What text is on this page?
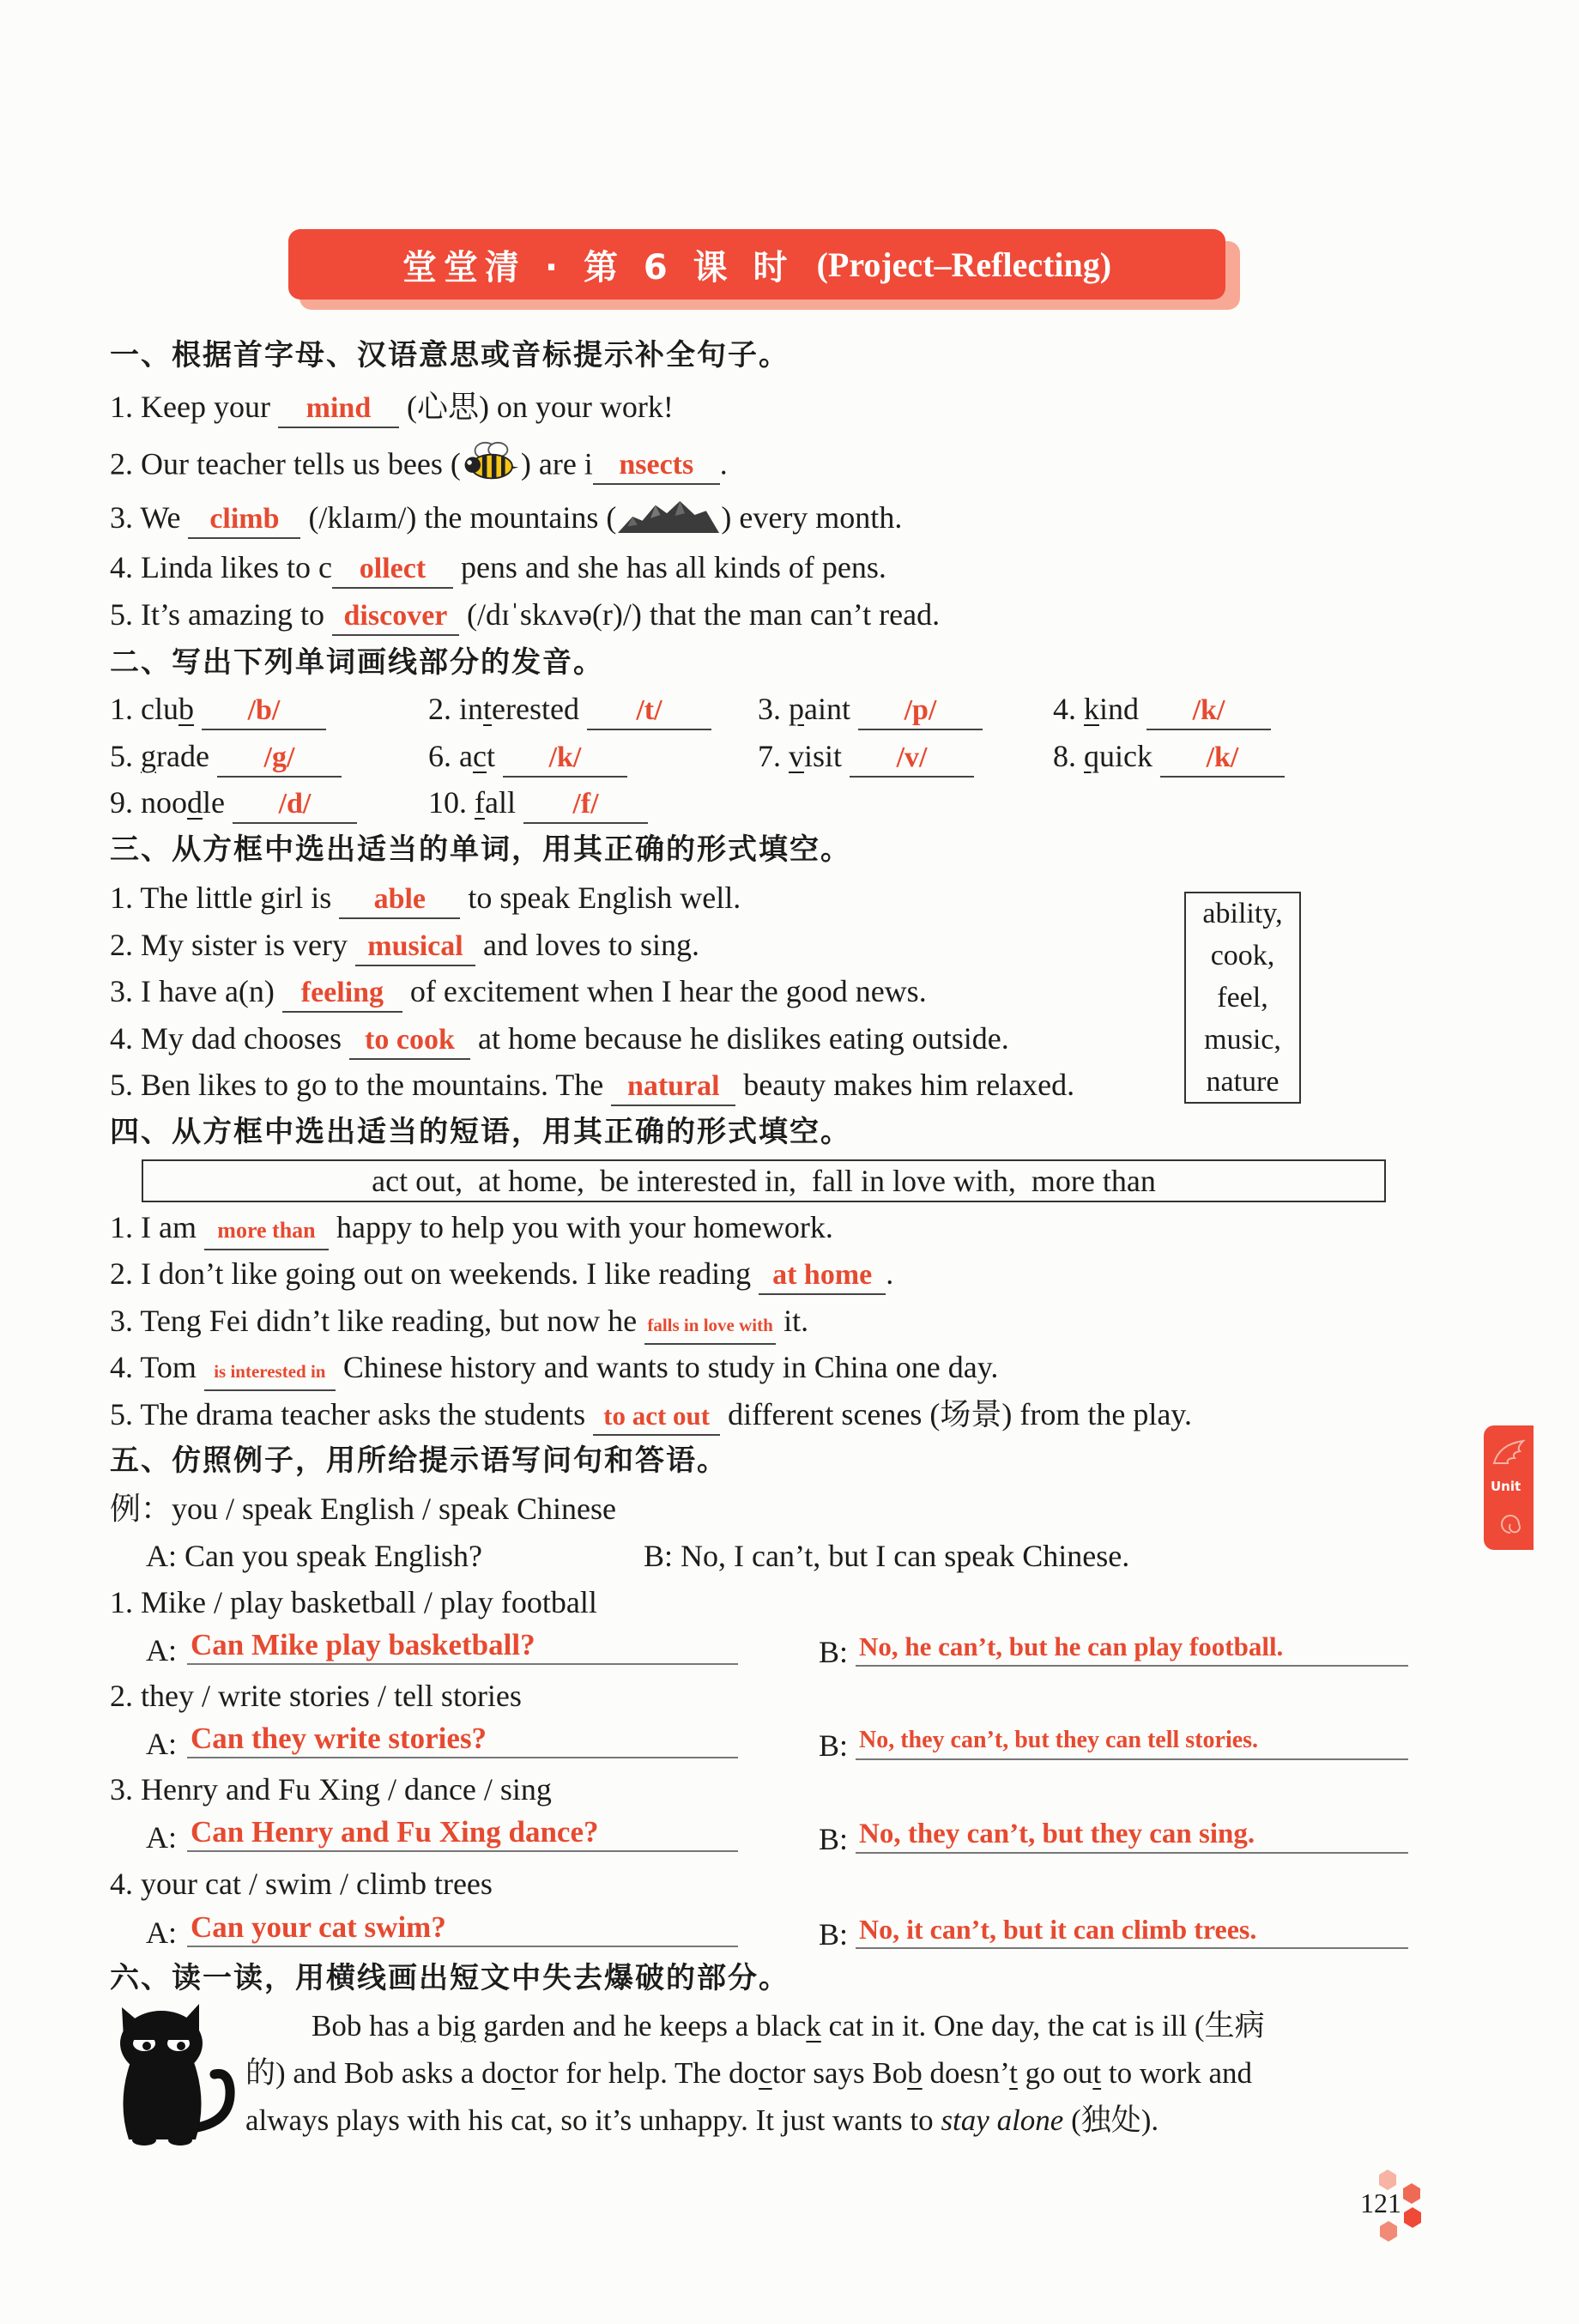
堂堂清 · 第 6 课 时 (Project–Reflecting)
一、根据首字母、汉语意思或音标提示补全句子。
1. Keep your mind (心思) on your work!
2. Our teacher tells us bees ( ) are i nsects .
3. We climb (/klaɪm/) the mountains (	) every month.
4. Linda likes to c ollect pens and she has all kinds of pens.
5. It’s amazing to discover (/dɪˈskʌvə(r)/) that the man can’t read.
二、写出下列单词画线部分的发音。
1. club /b/	2. interested /t/	3. paint /p/	4. kind /k/
5. grade /g/	6. act /k/	7. visit /v/	8. quick /k/
9. noodle /d/	10. fall /f/
三、从方框中选出适当的单词，用其正确的形式填空。
1. The little girl is able to speak English well.
2. My sister is very musical and loves to sing.
3. I have a(n) feeling of excitement when I hear the good news.
4. My dad chooses to cook at home because he dislikes eating outside.
5. Ben likes to go to the mountains. The natural beauty makes him relaxed.
ability,
cook,
feel,
music,
nature
四、从方框中选出适当的短语，用其正确的形式填空。
act out,  at home,  be interested in,  fall in love with,  more than
1. I am more than happy to help you with your homework.
2. I don’t like going out on weekends. I like reading at home .
3. Teng Fei didn’t like reading, but now he falls in love with it.
4. Tom is interested in Chinese history and wants to study in China one day.
5. The drama teacher asks the students to act out different scenes (场景) from the play.
五、仿照例子，用所给提示语写问句和答语。
例：you / speak English / speak Chinese
A: Can you speak English?	B: No, I can’t, but I can speak Chinese.
1. Mike / play basketball / play football
A: Can Mike play basketball?	B: No, he can’t, but he can play football.
2. they / write stories / tell stories
A: Can they write stories?	B: No, they can’t, but they can tell stories.
3. Henry and Fu Xing / dance / sing
A: Can Henry and Fu Xing dance?	B: No, they can’t, but they can sing.
4. your cat / swim / climb trees
A: Can your cat swim?	B: No, it can’t, but it can climb trees.
六、读一读，用横线画出短文中失去爆破的部分。
Bob has a big garden and he keeps a black cat in it. One day, the cat is ill (生病
的) and Bob asks a doctor for help. The doctor says Bob doesn’t go out to work and
always plays with his cat, so it’s unhappy. It just wants to stay alone (独处).
Unit
121
